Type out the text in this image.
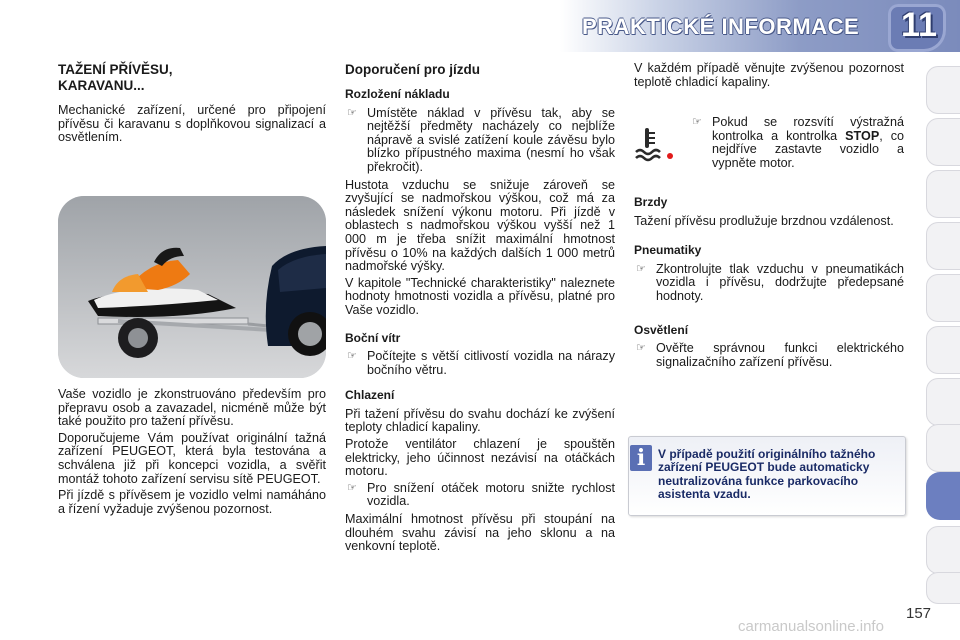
PRAKTICKÉ INFORMACE 11
TAŽENÍ PŘÍVĚSU, KARAVANU...

Mechanické zařízení, určené pro připojení přívěsu či karavanu s doplňkovou signalizací a osvětlením.

Vaše vozidlo je zkonstruováno především pro přepravu osob a zavazadel, nicméně může být také použito pro tažení přívěsu.

Doporučujeme Vám používat originální tažná zařízení PEUGEOT, která byla testována a schválena již při koncepci vozidla, a svěřit montáž tohoto zařízení servisu sítě PEUGEOT.

Při jízdě s přívěsem je vozidlo velmi namáháno a řízení vyžaduje zvýšenou pozornost.

Doporučení pro jízdu
Rozložení nákladu
☞ Umístěte náklad v přívěsu tak, aby se nejtěžší předměty nacházely co nejblíže nápravě a svislé zatížení koule závěsu bylo blízko přípustného maximа (nesmí ho však překročit).

Hustota vzduchu se snižuje zároveň se zvyšující se nadmořskou výškou, což má za následek snížení výkonu motoru. Při jízdě v oblastech s nadmořskou výškou vyšší než 1 000 m je třeba snížit maximální hmotnost přívěsu o 10% na každých dalších 1 000 metrů nadmořské výšky.

V kapitole "Technické charakteristiky" naleznete hodnoty hmotnosti vozidla a přívěsu, platné pro Vaše vozidlo.

Boční vítr
☞ Počítejte s větší citlivostí vozidla na nárazy bočního větru.
Chlazení

Při tažení přívěsu do svahu dochází ke zvýšení teploty chladicí kapaliny.

Protože ventilátor chlazení je spouštěn elektricky, jeho účinnost nezávisí na otáčkách motoru.

☞ Pro snížení otáček motoru snižte rychlost vozidla.

Maximální hmotnost přívěsu při stoupání na dlouhém svahu závisí na jeho sklonu a na venkovní teplotě.

V každém případě věnujte zvýšenou pozornost teplotě chladicí kapaliny.

☞ Pokud se rozsvítí výstražná kontrolka a kontrolka STOP, co nejdříve zastavte vozidlo a vypněte motor.
Brzdy

Tažení přívěsu prodlužuje brzdnou vzdálenost.

Pneumatiky
☞ Zkontrolujte tlak vzduchu v pneumatikách vozidla i přívěsu, dodržujte předepsané hodnoty.
Osvětlení
☞ Ověřte správnou funkci elektrického signalizačního zařízení přívěsu.
i	V případě použití originálního tažného zařízení PEUGEOT bude automaticky neutralizována funkce parkovacího asistenta vzadu.
157
carmanualsonline.info
